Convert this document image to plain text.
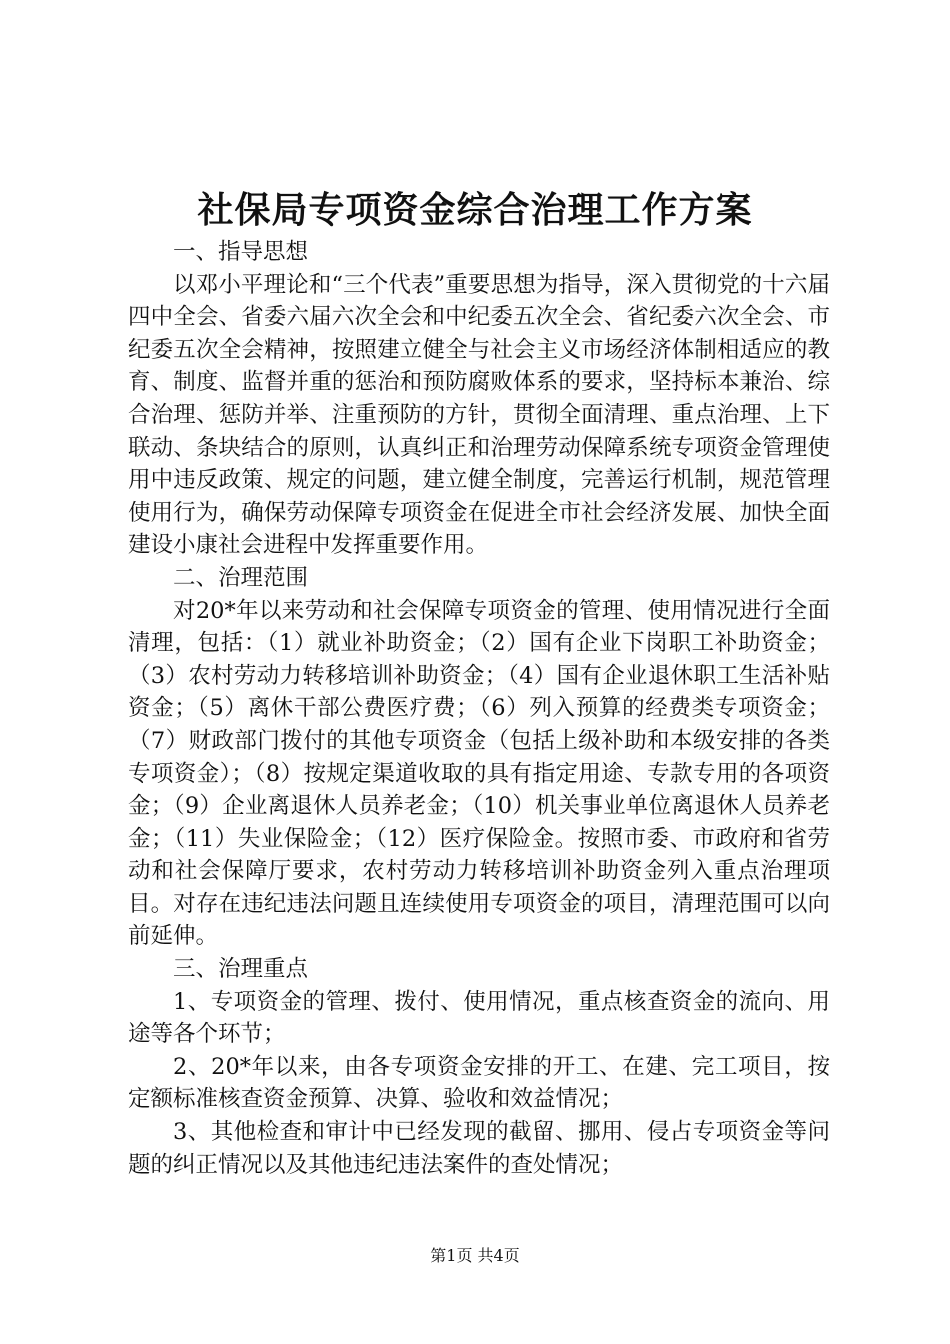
社保局专项资金综合治理工作方案

一、指导思想

以邓小平理论和“三个代表”重要思想为指导，深入贯彻党的十六届四中全会、省委六届六次全会和中纪委五次全会、省纪委六次全会、市纪委五次全会精神，按照建立健全与社会主义市场经济体制相适应的教育、制度、监督并重的惩治和预防腐败体系的要求，坚持标本兼治、综合治理、惩防并举、注重预防的方针，贯彻全面清理、重点治理、上下联动、条块结合的原则，认真纠正和治理劳动保障系统专项资金管理使用中违反政策、规定的问题，建立健全制度，完善运行机制，规范管理使用行为，确保劳动保障专项资金在促进全市社会经济发展、加快全面建设小康社会进程中发挥重要作用。

二、治理范围

对20*年以来劳动和社会保障专项资金的管理、使用情况进行全面清理，包括：（1）就业补助资金；（2）国有企业下岗职工补助资金；（3）农村劳动力转移培训补助资金；（4）国有企业退休职工生活补贴资金；（5）离休干部公费医疗费；（6）列入预算的经费类专项资金；（7）财政部门拨付的其他专项资金（包括上级补助和本级安排的各类专项资金）；（8）按规定渠道收取的具有指定用途、专款专用的各项资金；（9）企业离退休人员养老金；（10）机关事业单位离退休人员养老金；（11）失业保险金；（12）医疗保险金。按照市委、市政府和省劳动和社会保障厅要求，农村劳动力转移培训补助资金列入重点治理项目。对存在违纪违法问题且连续使用专项资金的项目，清理范围可以向前延伸。

三、治理重点

1、专项资金的管理、拨付、使用情况，重点核查资金的流向、用途等各个环节；

2、20*年以来，由各专项资金安排的开工、在建、完工项目，按定额标准核查资金预算、决算、验收和效益情况；

3、其他检查和审计中已经发现的截留、挪用、侵占专项资金等问题的纠正情况以及其他违纪违法案件的查处情况；

第1页 共4页
